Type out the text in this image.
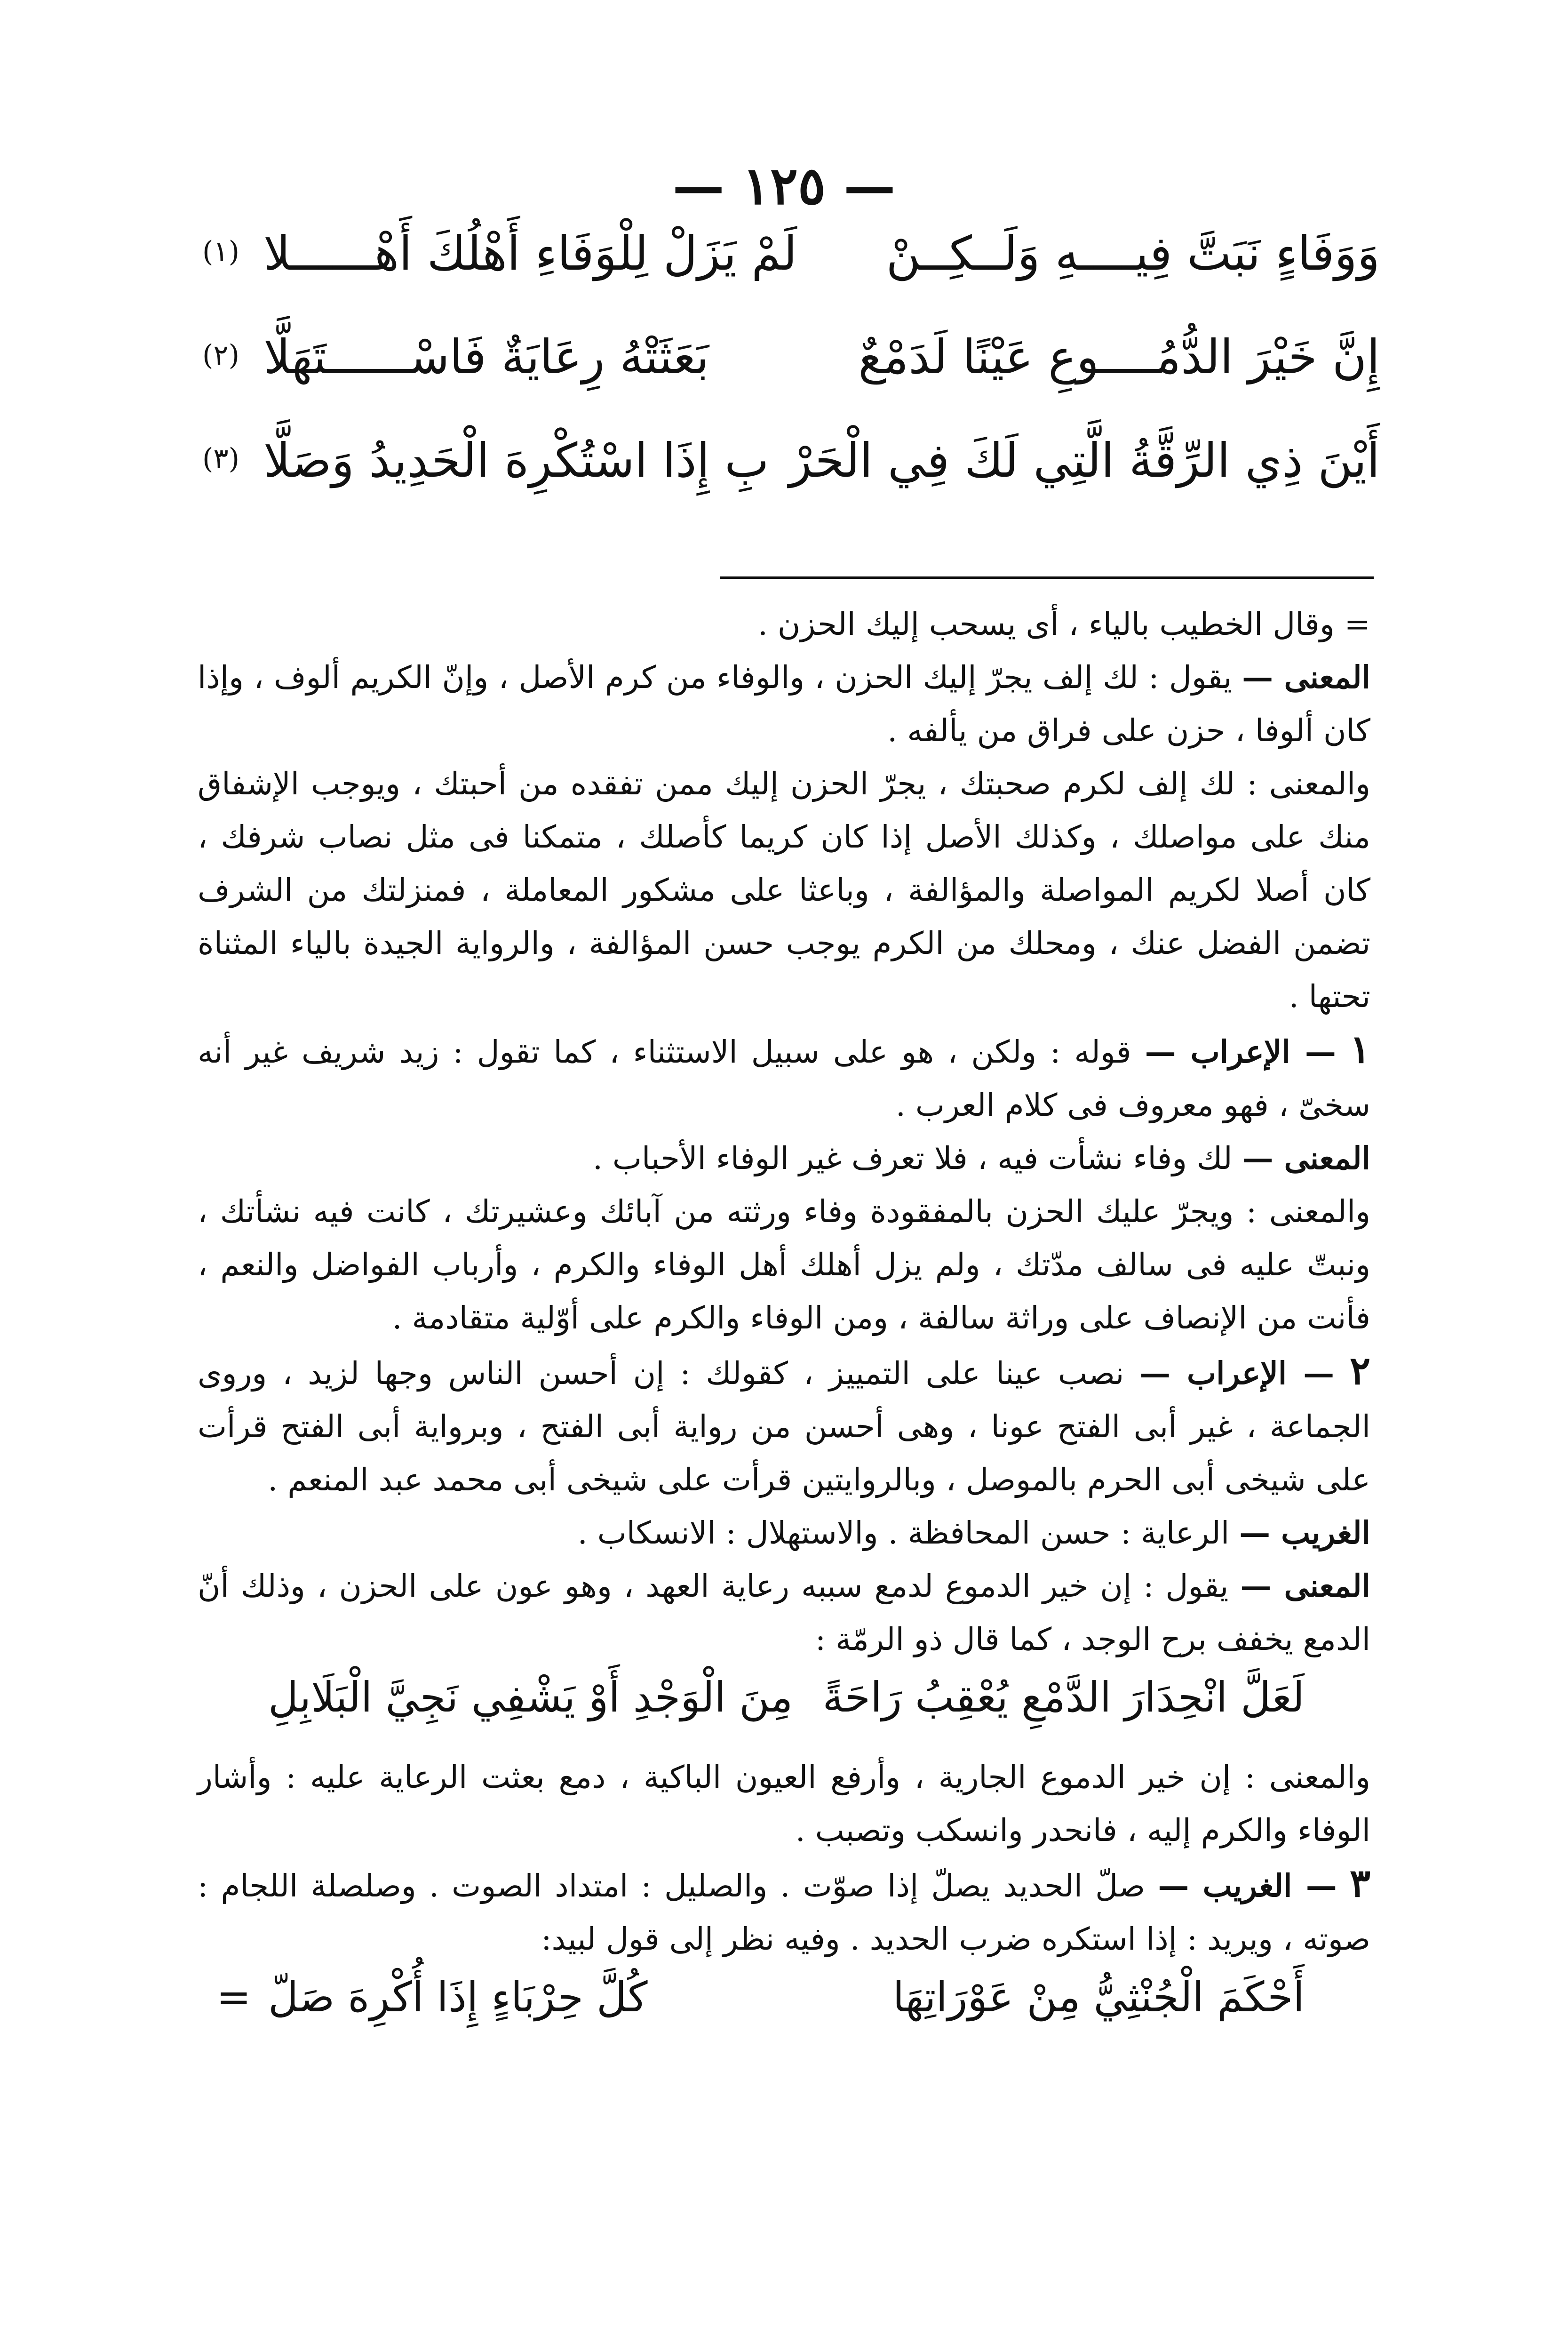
— ١٢٥ —
وَوَفَاءٍ نَبَتَّ فِيــــهِ وَلَــكِــنْ
لَمْ يَزَلْ لِلْوَفَاءِ أَهْلُكَ أَهْــــــلا
(١)
إِنَّ خَيْرَ الدُّمُــــوعِ عَيْنًا لَدَمْعٌ
بَعَثَتْهُ رِعَايَةٌ فَاسْــــــتَهَلَّا
(٢)
أَيْنَ ذِي الرِّقَّةُ الَّتِي لَكَ فِي الْحَرْ
بِ إِذَا اسْتُكْرِهَ الْحَدِيدُ وَصَلَّا
(٣)

= وقال الخطيب بالياء ، أى يسحب إليك الحزن .

المعنى — يقول : لك إلف يجرّ إليك الحزن ، والوفاء من كرم الأصل ، وإنّ الكريم ألوف ، وإذا كان ألوفا ، حزن على فراق من يألفه .

والمعنى : لك إلف لكرم صحبتك ، يجرّ الحزن إليك ممن تفقده من أحبتك ، ويوجب الإشفاق منك على مواصلك ، وكذلك الأصل إذا كان كريما كأصلك ، متمكنا فى مثل نصاب شرفك ، كان أصلا لكريم المواصلة والمؤالفة ، وباعثا على مشكور المعاملة ، فمنزلتك من الشرف تضمن الفضل عنك ، ومحلك من الكرم يوجب حسن المؤالفة ، والرواية الجيدة بالياء المثناة تحتها .

١ — الإعراب — قوله : ولكن ، هو على سبيل الاستثناء ، كما تقول : زيد شريف غير أنه سخىّ ، فهو معروف فى كلام العرب .

المعنى — لك وفاء نشأت فيه ، فلا تعرف غير الوفاء الأحباب .

والمعنى : ويجرّ عليك الحزن بالمفقودة وفاء ورثته من آبائك وعشيرتك ، كانت فيه نشأتك ، ونبتّ عليه فى سالف مدّتك ، ولم يزل أهلك أهل الوفاء والكرم ، وأرباب الفواضل والنعم ، فأنت من الإنصاف على وراثة سالفة ، ومن الوفاء والكرم على أوّلية متقادمة .

٢ — الإعراب — نصب عينا على التمييز ، كقولك : إن أحسن الناس وجها لزيد ، وروى الجماعة ، غير أبى الفتح عونا ، وهى أحسن من رواية أبى الفتح ، وبرواية أبى الفتح قرأت على شيخى أبى الحرم بالموصل ، وبالروايتين قرأت على شيخى أبى محمد عبد المنعم .

الغريب — الرعاية : حسن المحافظة . والاستهلال : الانسكاب .

المعنى — يقول : إن خير الدموع لدمع سببه رعاية العهد ، وهو عون على الحزن ، وذلك أنّ الدمع يخفف برح الوجد ، كما قال ذو الرمّة :

لَعَلَّ انْحِدَارَ الدَّمْعِ يُعْقِبُ رَاحَةً
مِنَ الْوَجْدِ أَوْ يَشْفِي نَجِيَّ الْبَلَابِلِ

والمعنى : إن خير الدموع الجارية ، وأرفع العيون الباكية ، دمع بعثت الرعاية عليه : وأشار الوفاء والكرم إليه ، فانحدر وانسكب وتصبب .

٣ — الغريب — صلّ الحديد يصلّ إذا صوّت . والصليل : امتداد الصوت . وصلصلة اللجام : صوته ، ويريد : إذا استكره ضرب الحديد . وفيه نظر إلى قول لبيد:

أَحْكَمَ الْجُنْثِيُّ مِنْ عَوْرَاتِهَا
كُلَّ حِرْبَاءٍ إِذَا أُكْرِهَ صَلّ
=
